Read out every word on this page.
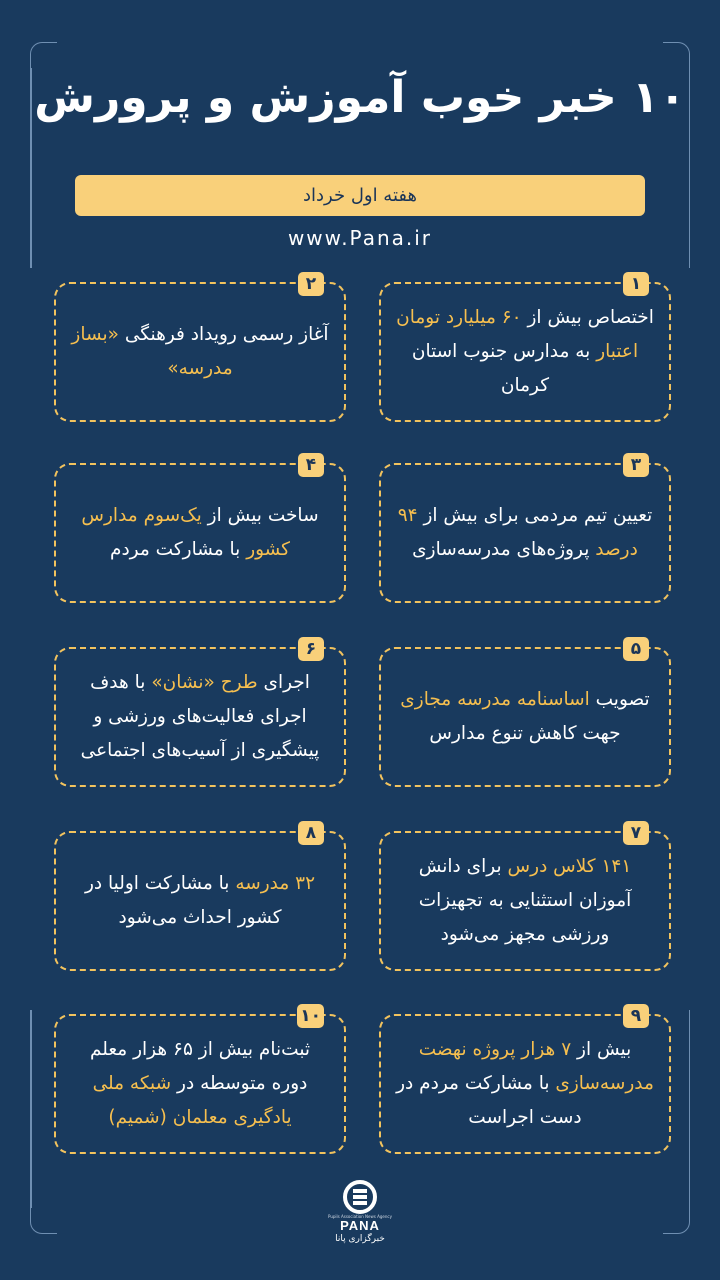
۱۰ خبر خوب آموزش و پرورش
هفته اول خرداد
www.Pana.ir
۱
اختصاص بیش از ۶۰ میلیارد تومان اعتبار به مدارس جنوب استان کرمان
۲
آغاز رسمی رویداد فرهنگی «بساز مدرسه»
۳
تعیین تیم مردمی برای بیش از ۹۴ درصد پروژه‌های مدرسه‌سازی
۴
ساخت بیش از یک‌سوم مدارس کشور با مشارکت مردم
۵
تصویب اساسنامه مدرسه مجازی جهت کاهش تنوع مدارس
۶
اجرای طرح «نشان» با هدف اجرای فعالیت‌های ورزشی و پیشگیری از آسیب‌های اجتماعی
۷
۱۴۱ کلاس درس برای دانش آموزان استثنایی به تجهیزات ورزشی مجهز می‌شود
۸
۳۲ مدرسه با مشارکت اولیا در کشور احداث می‌شود
۹
بیش از ۷ هزار پروژه نهضت مدرسه‌سازی با مشارکت مردم در دست اجراست
۱۰
ثبت‌نام بیش از ۶۵ هزار معلم دوره متوسطه در شبکه ملی یادگیری معلمان (شمیم)
Pupils Association News Agency
PANA
خبرگزاری پانا
